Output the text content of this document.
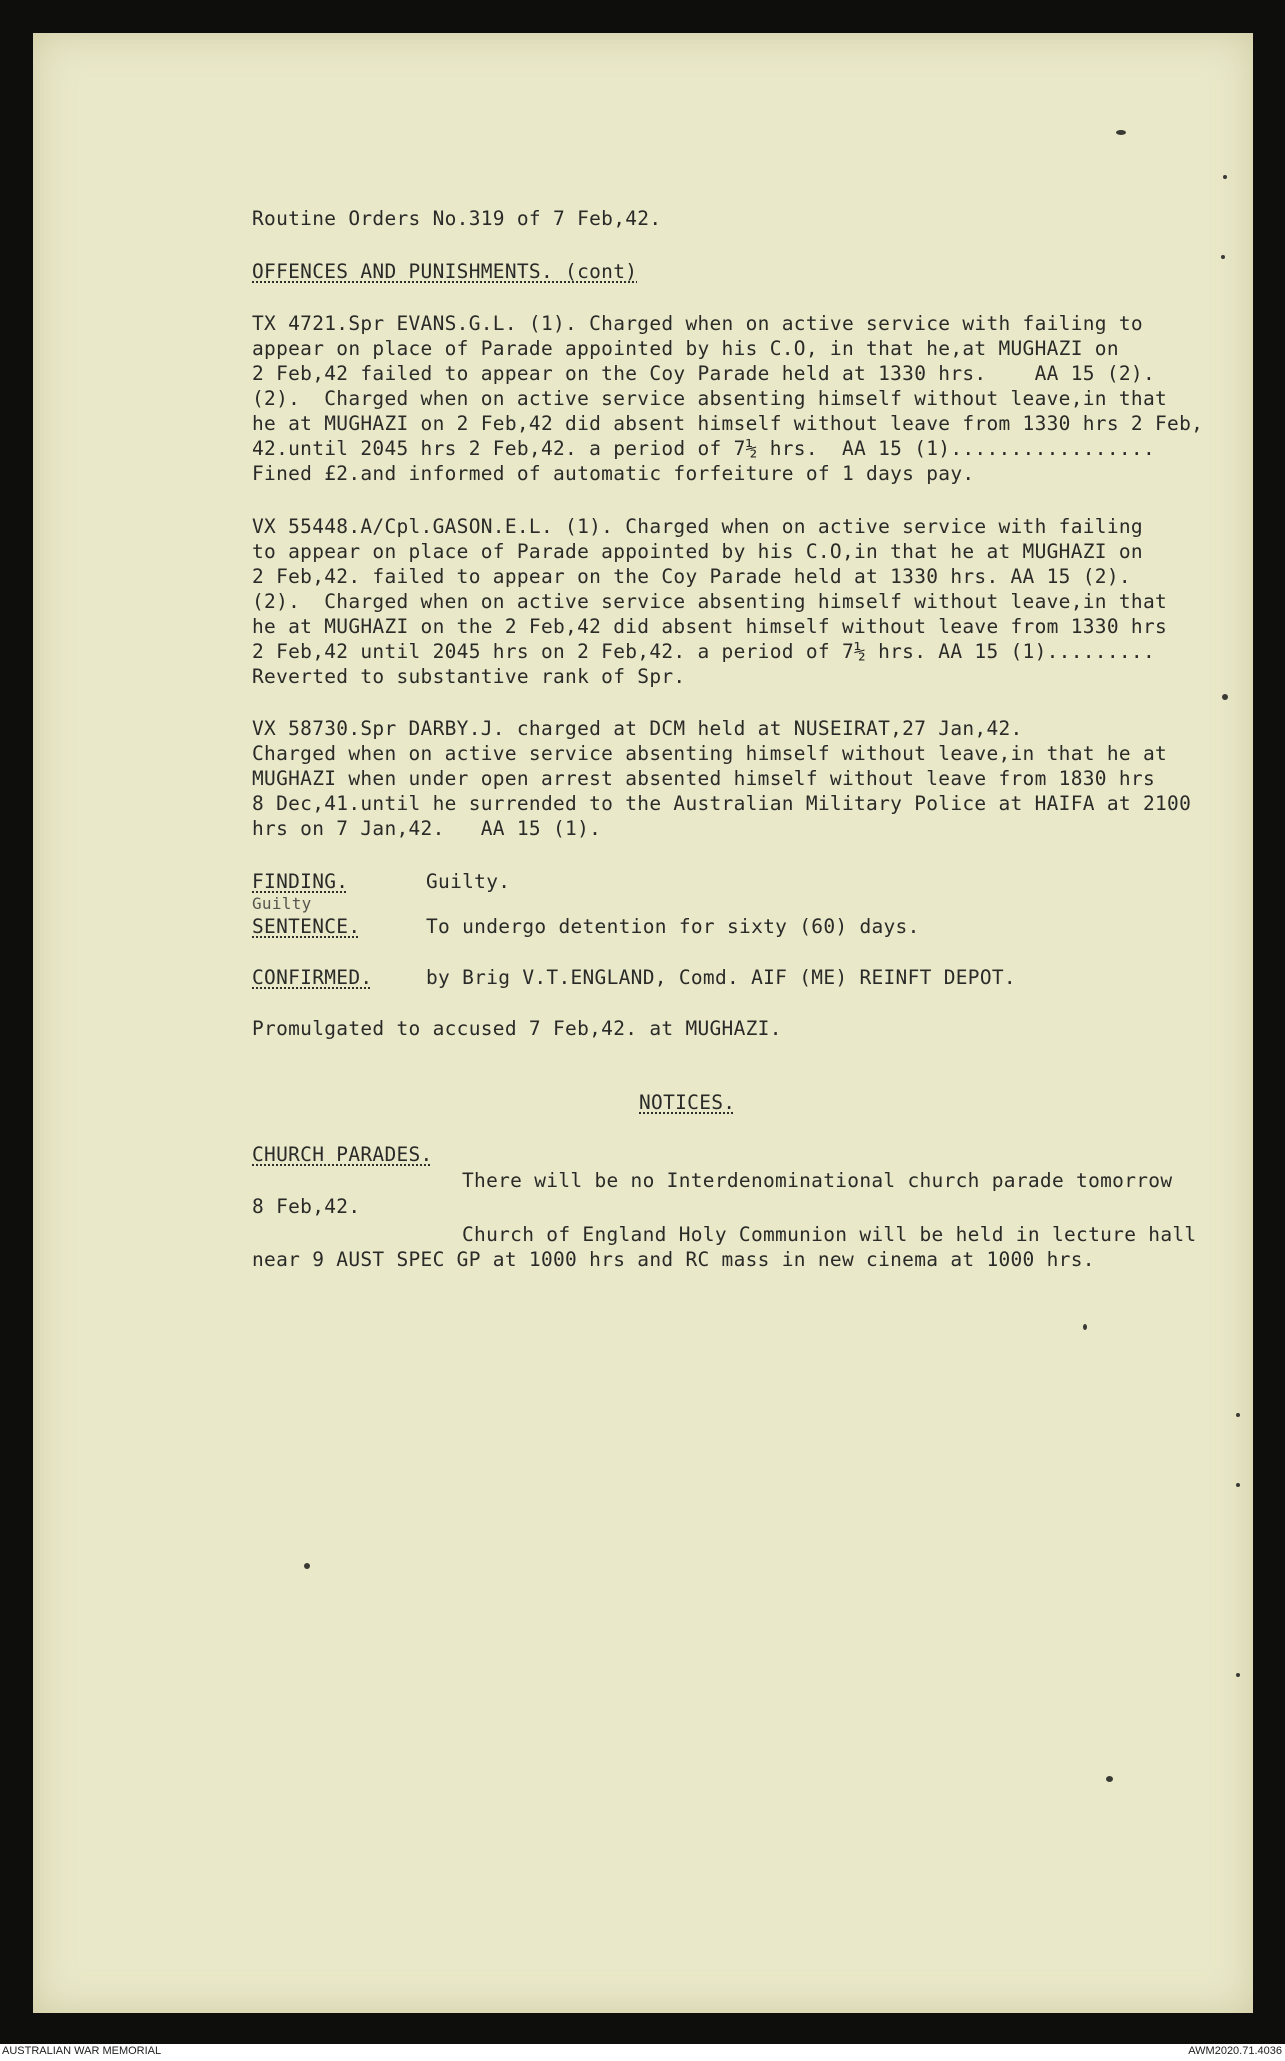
Routine Orders No.319 of 7 Feb,42.
OFFENCES AND PUNISHMENTS. (cont)
TX 4721.Spr EVANS.G.L. (1). Charged when on active service with failing to
appear on place of Parade appointed by his C.O, in that he,at MUGHAZI on
2 Feb,42 failed to appear on the Coy Parade held at 1330 hrs.    AA 15 (2).
(2).  Charged when on active service absenting himself without leave,in that
he at MUGHAZI on 2 Feb,42 did absent himself without leave from 1330 hrs 2 Feb,
42.until 2045 hrs 2 Feb,42. a period of 7½ hrs.  AA 15 (1).................
Fined £2.and informed of automatic forfeiture of 1 days pay.
VX 55448.A/Cpl.GASON.E.L. (1). Charged when on active service with failing
to appear on place of Parade appointed by his C.O,in that he at MUGHAZI on
2 Feb,42. failed to appear on the Coy Parade held at 1330 hrs. AA 15 (2).
(2).  Charged when on active service absenting himself without leave,in that
he at MUGHAZI on the 2 Feb,42 did absent himself without leave from 1330 hrs
2 Feb,42 until 2045 hrs on 2 Feb,42. a period of 7½ hrs. AA 15 (1).........
Reverted to substantive rank of Spr.
VX 58730.Spr DARBY.J. charged at DCM held at NUSEIRAT,27 Jan,42.
Charged when on active service absenting himself without leave,in that he at
MUGHAZI when under open arrest absented himself without leave from 1830 hrs
8 Dec,41.until he surrended to the Australian Military Police at HAIFA at 2100
hrs on 7 Jan,42.   AA 15 (1).
FINDING.	Guilty.
Guilty
SENTENCE.	To undergo detention for sixty (60) days.
CONFIRMED.	by Brig V.T.ENGLAND, Comd. AIF (ME) REINFT DEPOT.
Promulgated to accused 7 Feb,42. at MUGHAZI.
NOTICES.
CHURCH PARADES.
There will be no Interdenominational church parade tomorrow
8 Feb,42.
Church of England Holy Communion will be held in lecture hall
near 9 AUST SPEC GP at 1000 hrs and RC mass in new cinema at 1000 hrs.
AUSTRALIAN WAR MEMORIAL	AWM2020.71.4036
